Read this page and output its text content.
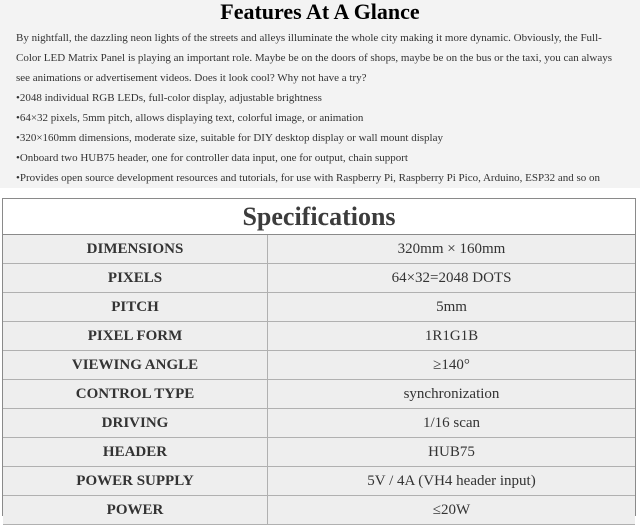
Features At A Glance
By nightfall, the dazzling neon lights of the streets and alleys illuminate the whole city making it more dynamic. Obviously, the Full-Color LED Matrix Panel is playing an important role. Maybe be on the doors of shops, maybe be on the bus or the taxi, you can always see animations or advertisement videos. Does it look cool? Why not have a try?
•2048 individual RGB LEDs, full-color display, adjustable brightness
•64×32 pixels, 5mm pitch, allows displaying text, colorful image, or animation
•320×160mm dimensions, moderate size, suitable for DIY desktop display or wall mount display
•Onboard two HUB75 header, one for controller data input, one for output, chain support
•Provides open source development resources and tutorials, for use with Raspberry Pi, Raspberry Pi Pico, Arduino, ESP32 and so on
Specifications
DIMENSIONS	320mm × 160mm
PIXELS	64×32=2048 DOTS
PITCH	5mm
PIXEL FORM	1R1G1B
VIEWING ANGLE	≥140°
CONTROL TYPE	synchronization
DRIVING	1/16 scan
HEADER	HUB75
POWER SUPPLY	5V / 4A (VH4 header input)
POWER	≤20W
